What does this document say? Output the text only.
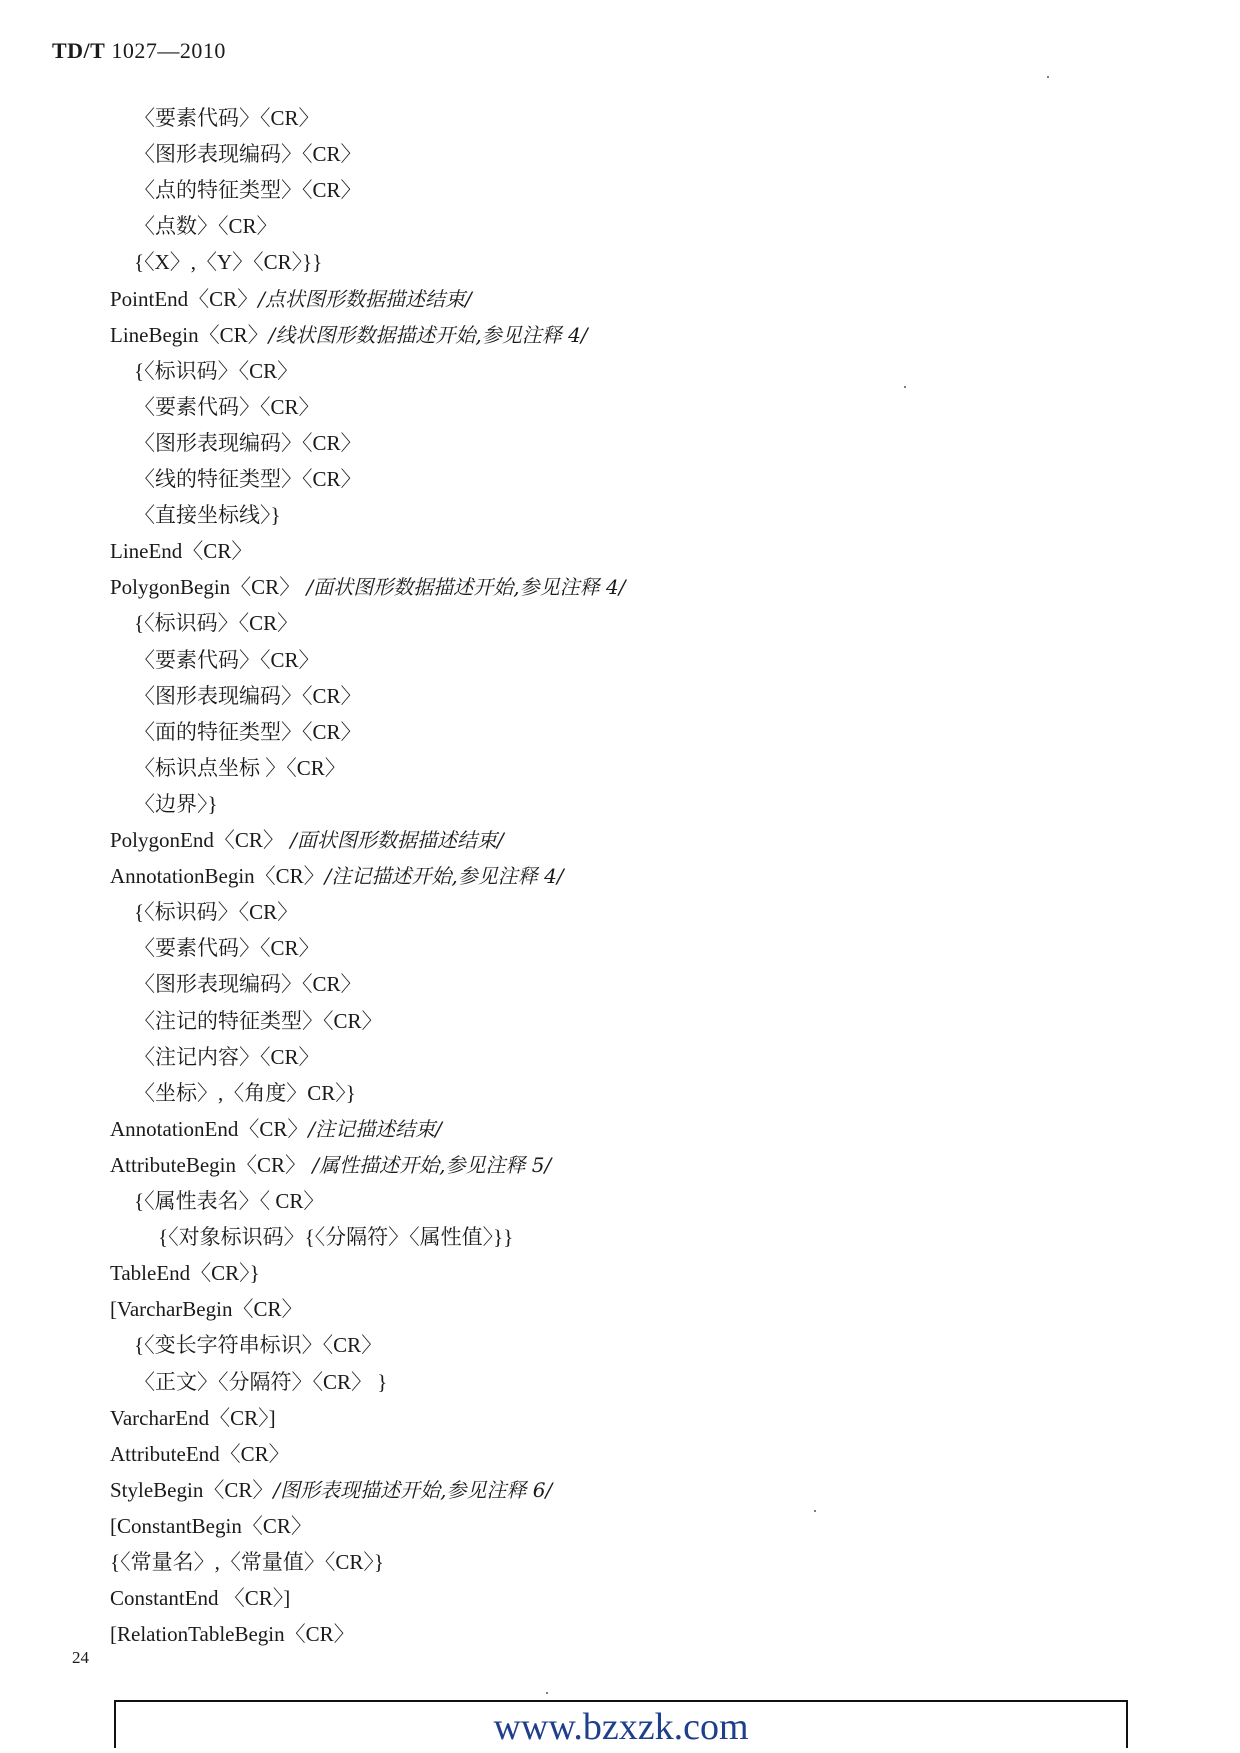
TD/T 1027—2010
〈要素代码〉〈CR〉
〈图形表现编码〉〈CR〉
〈点的特征类型〉〈CR〉
〈点数〉〈CR〉
{〈X〉,〈Y〉〈CR〉}}
PointEnd〈CR〉/点状图形数据描述结束/
LineBegin〈CR〉/线状图形数据描述开始,参见注释 4/
{〈标识码〉〈CR〉
〈要素代码〉〈CR〉
〈图形表现编码〉〈CR〉
〈线的特征类型〉〈CR〉
〈直接坐标线〉}
LineEnd〈CR〉
PolygonBegin〈CR〉 /面状图形数据描述开始,参见注释 4/
{〈标识码〉〈CR〉
〈要素代码〉〈CR〉
〈图形表现编码〉〈CR〉
〈面的特征类型〉〈CR〉
〈标识点坐标 〉〈CR〉
〈边界〉}
PolygonEnd〈CR〉 /面状图形数据描述结束/
AnnotationBegin〈CR〉/注记描述开始,参见注释 4/
{〈标识码〉〈CR〉
〈要素代码〉〈CR〉
〈图形表现编码〉〈CR〉
〈注记的特征类型〉〈CR〉
〈注记内容〉〈CR〉
〈坐标〉,〈角度〉CR〉}
AnnotationEnd〈CR〉/注记描述结束/
AttributeBegin〈CR〉 /属性描述开始,参见注释 5/
{〈属性表名〉〈 CR〉
{〈对象标识码〉{〈分隔符〉〈属性值〉}}
TableEnd〈CR〉}
[VarcharBegin〈CR〉
{〈变长字符串标识〉〈CR〉
〈正文〉〈分隔符〉〈CR〉 }
VarcharEnd〈CR〉]
AttributeEnd〈CR〉
StyleBegin〈CR〉/图形表现描述开始,参见注释 6/
[ConstantBegin〈CR〉
{〈常量名〉,〈常量值〉〈CR〉}
ConstantEnd 〈CR〉]
[RelationTableBegin〈CR〉
24
www.bzxzk.com
